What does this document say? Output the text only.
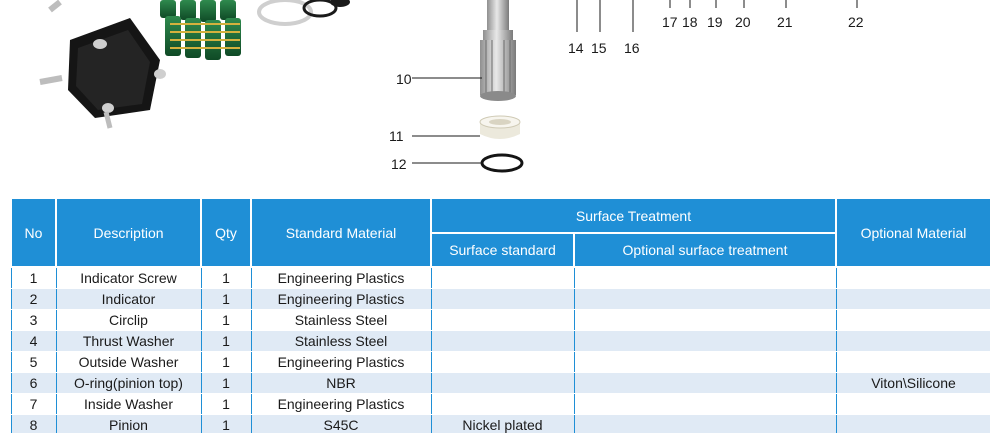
17 18 19 20 21	22
14 15 16
10
11
12
No	Description	Qty	Standard Material	Surface Treatment		Optional Material
				Surface standard	Optional surface treatment	
1	Indicator Screw	1	Engineering Plastics			
2	Indicator	1	Engineering Plastics			
3	Circlip	1	Stainless Steel			
4	Thrust Washer	1	Stainless Steel			
5	Outside Washer	1	Engineering Plastics			
6	O-ring(pinion top)	1	NBR			Viton\Silicone
7	Inside Washer	1	Engineering Plastics			
8	Pinion	1	S45C	Nickel plated		
